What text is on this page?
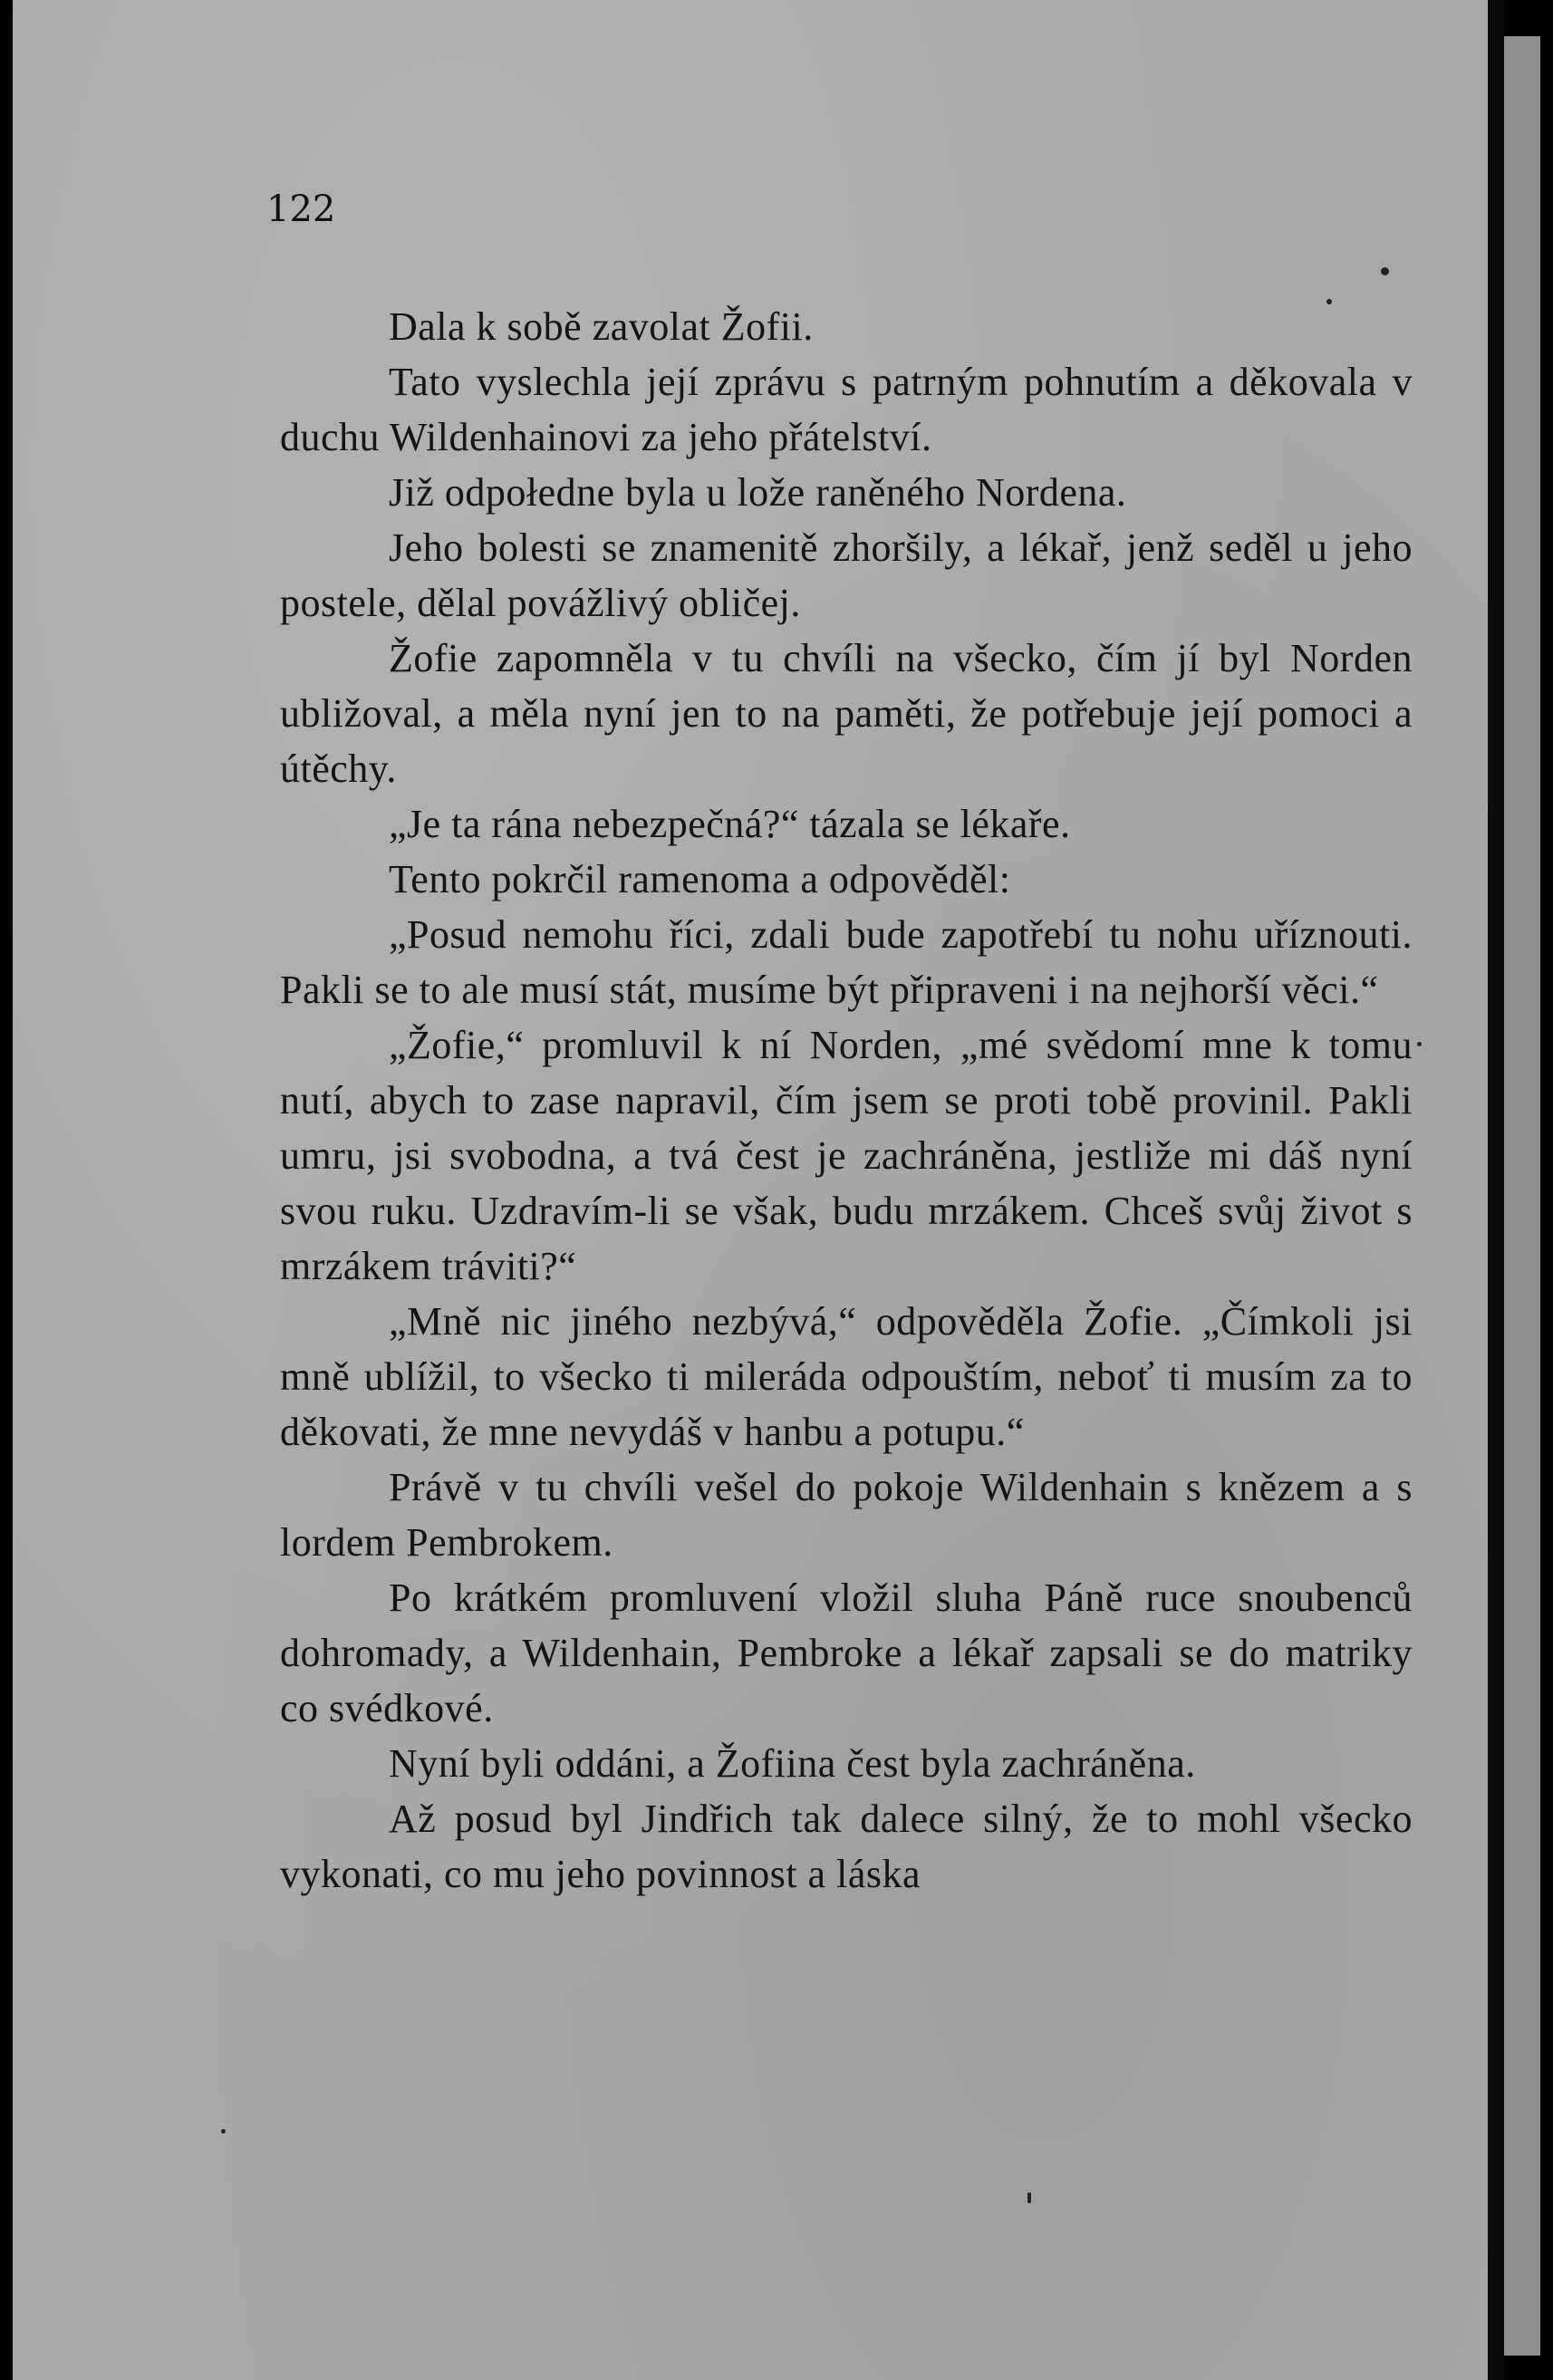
122

Dala k sobě zavolat Žofii.

Tato vyslechla její zprávu s patrným pohnutím a děkovala v duchu Wildenhainovi za jeho přátelství.

Již odpołedne byla u lože raněného Nordena.

Jeho bolesti se znamenitě zhoršily, a lékař, jenž seděl u jeho postele, dělal povážlivý obličej.

Žofie zapomněla v tu chvíli na všecko, čím jí byl Norden ubližoval, a měla nyní jen to na paměti, že potřebuje její pomoci a útěchy.

„Je ta rána nebezpečná?“ tázala se lékaře.

Tento pokrčil ramenoma a odpověděl:

„Posud nemohu říci, zdali bude zapotřebí tu nohu uříznouti. Pakli se to ale musí stát, musíme být připraveni i na nejhorší věci.“

„Žofie,“ promluvil k ní Norden, „mé svědomí mne k tomu nutí, abych to zase napravil, čím jsem se proti tobě provinil. Pakli umru, jsi svobodna, a tvá čest je zachráněna, jestliže mi dáš nyní svou ruku. Uzdravím-li se však, budu mrzákem. Chceš svůj život s mrzákem tráviti?“

„Mně nic jiného nezbývá,“ odpověděla Žofie. „Čímkoli jsi mně ublížil, to všecko ti mileráda odpouštím, neboť ti musím za to děkovati, že mne nevydáš v hanbu a potupu.“

Právě v tu chvíli vešel do pokoje Wildenhain s knězem a s lordem Pembrokem.

Po krátkém promluvení vložil sluha Páně ruce snoubenců dohromady, a Wildenhain, Pembroke a lékař zapsali se do matriky co svédkové.

Nyní byli oddáni, a Žofiina čest byla zachráněna.

Až posud byl Jindřich tak dalece silný, že to mohl všecko vykonati, co mu jeho povinnost a láska
